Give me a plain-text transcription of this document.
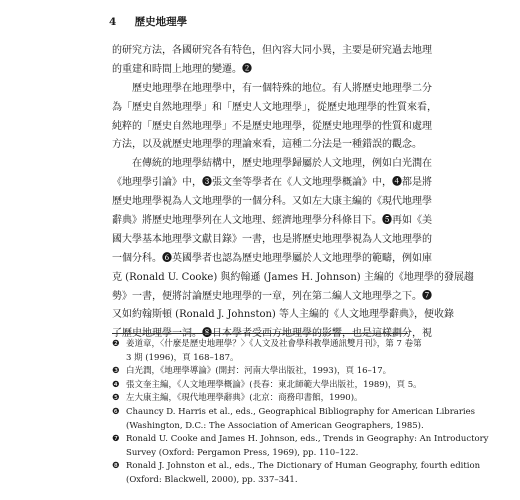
4 歷史地理學
的研究方法，各國研究各有特色，但內容大同小異，主要是研究過去地理
的重建和時間上地理的變遷。❷
歷史地理學在地理學中，有一個特殊的地位。有人將歷史地理學二分
為「歷史自然地理學」和「歷史人文地理學」，從歷史地理學的性質來看，
純粹的「歷史自然地理學」不是歷史地理學，從歷史地理學的性質和處理
方法，以及就歷史地理學的理論來看，這種二分法是一種錯誤的觀念。
在傳統的地理學結構中，歷史地理學歸屬於人文地理，例如白光潤在
《地理學引論》中，❸張文奎等學者在《人文地理學概論》中，❹都是將
歷史地理學視為人文地理學的一個分科。又如左大康主編的《現代地理學
辭典》將歷史地理學列在人文地理、經濟地理學分科條目下。❺再如《美
國大學基本地理學文獻目錄》一書，也是將歷史地理學視為人文地理學的
一個分科。❻英國學者也認為歷史地理學屬於人文地理學的範疇，例如庫
克 (Ronald U. Cooke) 與約翰遜 (James H. Johnson) 主編的《地理學的發展趨
勢》一書，便將討論歷史地理學的一章，列在第二編人文地理學之下。❼
又如約翰斯頓 (Ronald J. Johnston) 等人主編的《人文地理學辭典》，便收錄
了歷史地理學一詞。❽日本學者受西方地理學的影響，也是這樣劃分，視
❷ 姜道章，〈什麼是歷史地理學？〉《人文及社會學科教學通訊雙月刊》，第 7 卷第
3 期 (1996)，頁 168–187。
❸ 白光潤，《地理學導論》(開封：河南大學出版社，1993)，頁 16–17。
❹ 張文奎主編，《人文地理學概論》(長春：東北師範大學出版社，1989)，頁 5。
❺ 左大康主編，《現代地理學辭典》(北京：商務印書館，1990)。
❻ Chauncy D. Harris et al., eds., Geographical Bibliography for American Libraries
(Washington, D.C.: The Association of American Geographers, 1985).
❼ Ronald U. Cooke and James H. Johnson, eds., Trends in Geography: An Introductory
Survey (Oxford: Pergamon Press, 1969), pp. 110–122.
❽ Ronald J. Johnston et al., eds., The Dictionary of Human Geography, fourth edition
(Oxford: Blackwell, 2000), pp. 337–341.
